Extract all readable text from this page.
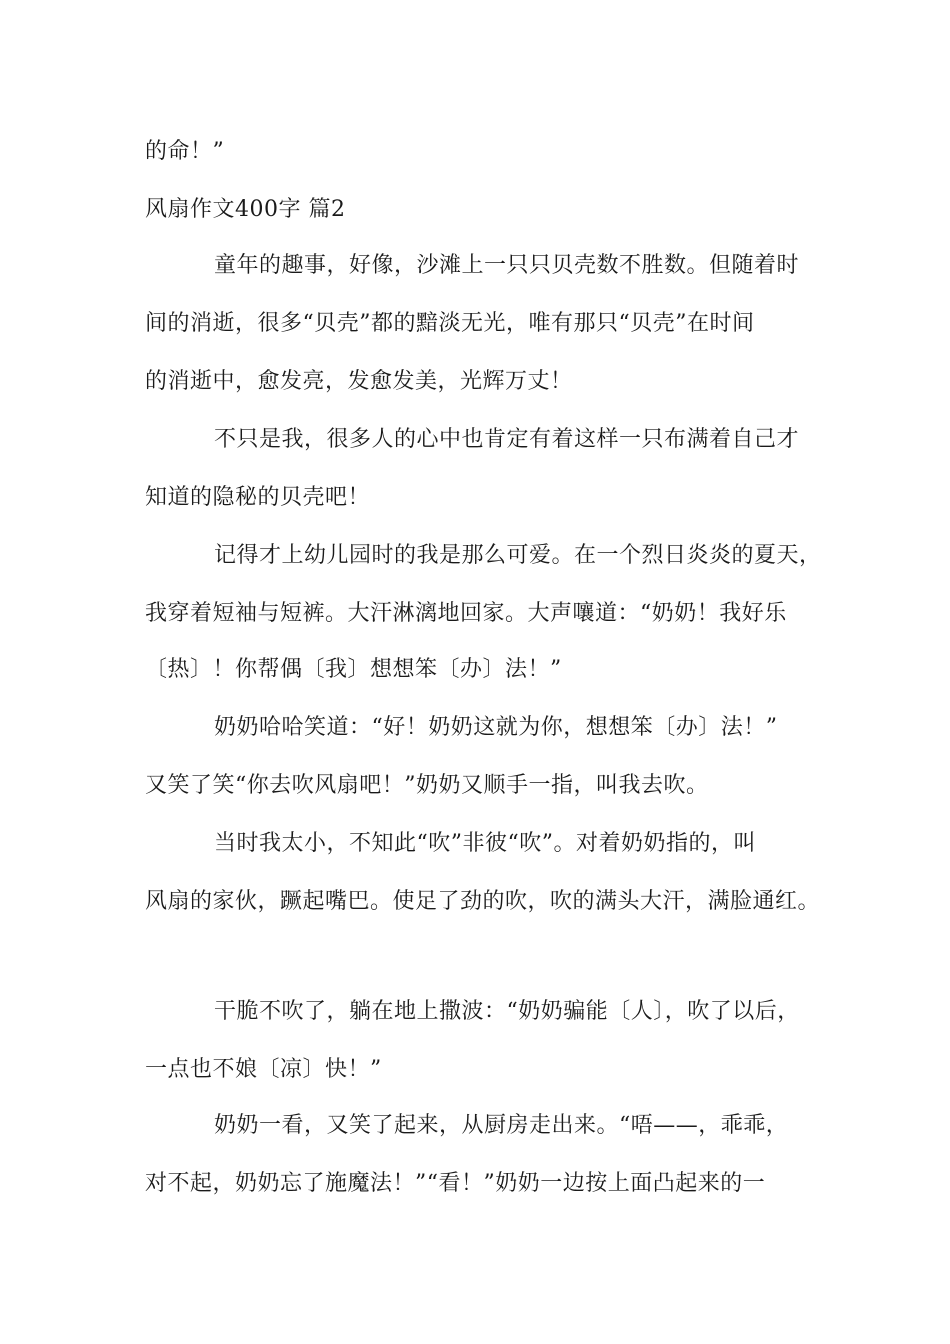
的命！”
风扇作文400字 篇2
童年的趣事，好像，沙滩上一只只贝壳数不胜数。但随着时
间的消逝，很多“贝壳”都的黯淡无光，唯有那只“贝壳”在时间
的消逝中，愈发亮，发愈发美，光辉万丈！
不只是我，很多人的心中也肯定有着这样一只布满着自己才
知道的隐秘的贝壳吧！
记得才上幼儿园时的我是那么可爱。在一个烈日炎炎的夏天，
我穿着短袖与短裤。大汗淋漓地回家。大声嚷道：“奶奶！我好乐
〔热〕！你帮偶〔我〕想想笨〔办〕法！”
奶奶哈哈笑道：“好！奶奶这就为你，想想笨〔办〕法！”
又笑了笑“你去吹风扇吧！”奶奶又顺手一指，叫我去吹。
当时我太小，不知此“吹”非彼“吹”。对着奶奶指的，叫
风扇的家伙，蹶起嘴巴。使足了劲的吹，吹的满头大汗，满脸通红。
干脆不吹了，躺在地上撒波：“奶奶骗能〔人〕，吹了以后，
一点也不娘〔凉〕快！”
奶奶一看，又笑了起来，从厨房走出来。“唔——，乖乖，
对不起，奶奶忘了施魔法！”“看！”奶奶一边按上面凸起来的一
